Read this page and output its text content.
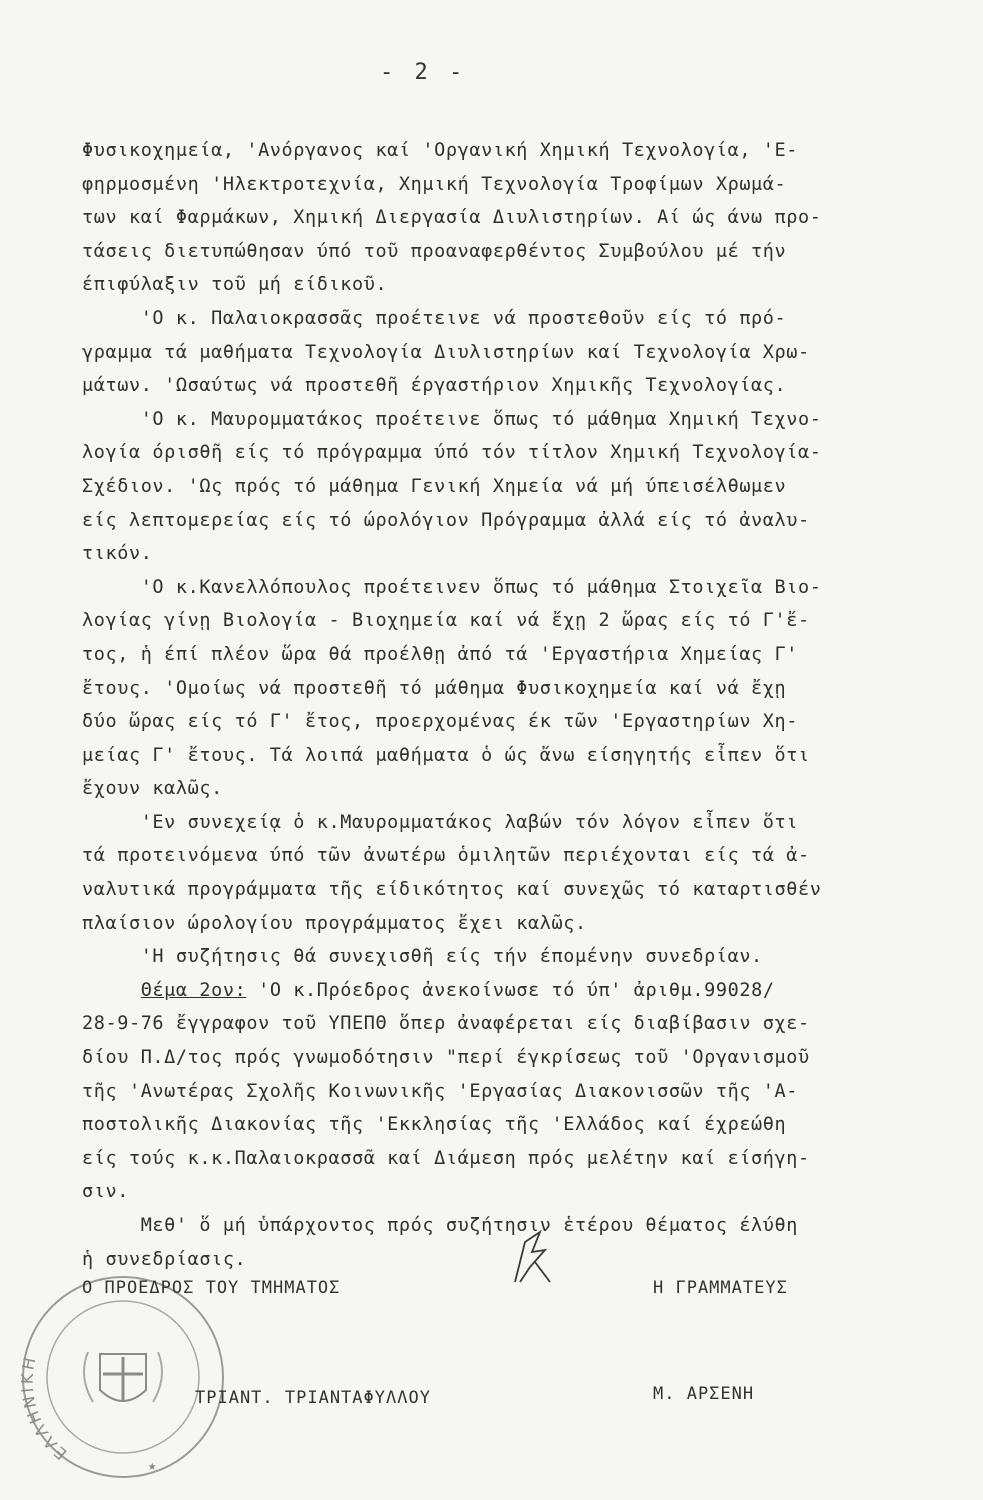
- 2 -
Φυσικοχημεία, 'Ανόργανος καί 'Οργανική Χημική Τεχνολογία, 'Ε-
φηρμοσμένη 'Ηλεκτροτεχνία, Χημική Τεχνολογία Τροφίμων Χρωμά-
των καί Φαρμάκων, Χημική Διεργασία Διυλιστηρίων. Αί ώς άνω προ-
τάσεις διετυπώθησαν ύπό τοῦ προαναφερθέντος Συμβούλου μέ τήν
έπιφύλαξιν τοῦ μή είδικοῦ.
'Ο κ. Παλαιοκρασσᾶς προέτεινε νά προστεθοῦν είς τό πρό-
γραμμα τά μαθήματα Τεχνολογία Διυλιστηρίων καί Τεχνολογία Χρω-
μάτων. 'Ωσαύτως νά προστεθῆ έργαστήριον Χημικῆς Τεχνολογίας.
'Ο κ. Μαυρομματάκος προέτεινε ὅπως τό μάθημα Χημική Τεχνο-
λογία όρισθῆ είς τό πρόγραμμα ύπό τόν τίτλον Χημική Τεχνολογία-
Σχέδιον. 'Ως πρός τό μάθημα Γενική Χημεία νά μή ύπεισέλθωμεν
είς λεπτομερείας είς τό ώρολόγιον Πρόγραμμα ἀλλά είς τό ἀναλυ-
τικόν.
'Ο κ.Κανελλόπουλος προέτεινεν ὅπως τό μάθημα Στοιχεῖα Βιο-
λογίας γίνῃ Βιολογία - Βιοχημεία καί νά ἔχῃ 2 ὥρας είς τό Γ'ἔ-
τος, ἡ έπί πλέον ὥρα θά προέλθῃ ἀπό τά 'Εργαστήρια Χημείας Γ'
ἔτους. 'Ομοίως νά προστεθῆ τό μάθημα Φυσικοχημεία καί νά ἔχῃ
δύο ὥρας είς τό Γ' ἔτος, προερχομένας έκ τῶν 'Εργαστηρίων Χη-
μείας Γ' ἔτους. Τά λοιπά μαθήματα ὁ ώς ἄνω είσηγητής εἶπεν ὅτι
ἔχουν καλῶς.
'Εν συνεχείᾳ ὁ κ.Μαυρομματάκος λαβών τόν λόγον εἶπεν ὅτι
τά προτεινόμενα ύπό τῶν ἀνωτέρω ὁμιλητῶν περιέχονται είς τά ἀ-
ναλυτικά προγράμματα τῆς είδικότητος καί συνεχῶς τό καταρτισθέν
πλαίσιον ώρολογίου προγράμματος ἔχει καλῶς.
'Η συζήτησις θά συνεχισθῆ είς τήν έπομένην συνεδρίαν.
Θέμα 2ον: 'Ο κ.Πρόεδρος ἀνεκοίνωσε τό ύπ' ἀριθμ.99028/
28-9-76 ἔγγραφον τοῦ ΥΠΕΠΘ ὅπερ ἀναφέρεται είς διαβίβασιν σχε-
δίου Π.Δ/τος πρός γνωμοδότησιν "περί έγκρίσεως τοῦ 'Οργανισμοῦ
τῆς 'Ανωτέρας Σχολῆς Κοινωνικῆς 'Εργασίας Διακονισσῶν τῆς 'Α-
ποστολικῆς Διακονίας τῆς 'Εκκλησίας τῆς 'Ελλάδος καί έχρεώθη
είς τούς κ.κ.Παλαιοκρασσᾶ καί Διάμεση πρός μελέτην καί είσήγη-
σιν.
Μεθ' ὅ μή ὑπάρχοντος πρός συζήτησιν ἑτέρου θέματος έλύθη
ἡ συνεδρίασις.
ΕΛΛΗΝΙΚΗ
★
Ο ΠΡΟΕΔΡΟΣ ΤΟΥ ΤΜΗΜΑΤΟΣ	Η ΓΡΑΜΜΑΤΕΥΣ
ΤΡΙΑΝΤ. ΤΡΙΑΝΤΑΦΥΛΛΟΥ	Μ. ΑΡΣΕΝΗ
